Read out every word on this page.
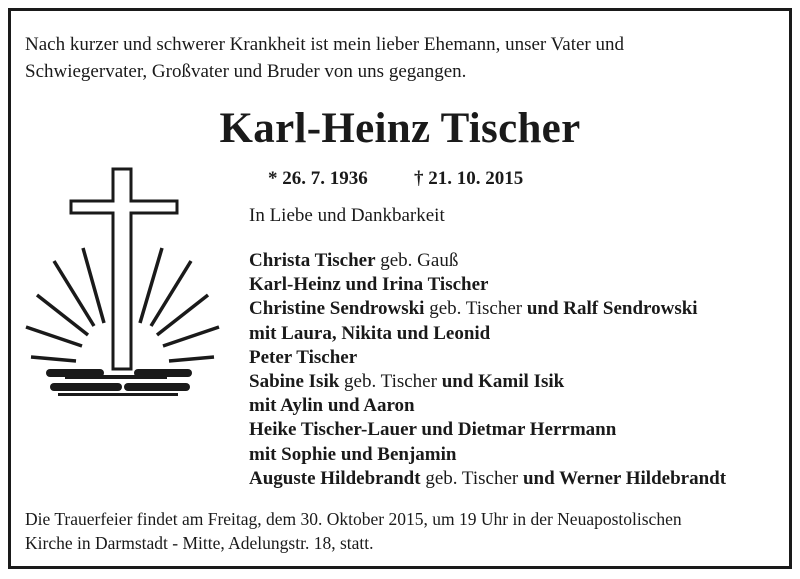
Nach kurzer und schwerer Krankheit ist mein lieber Ehemann, unser Vater und
Schwiegervater, Großvater und Bruder von uns gegangen.
Karl-Heinz Tischer
* 26. 7. 1936 † 21. 10. 2015
In Liebe und Dankbarkeit
Christa Tischer geb. Gauß
Karl-Heinz und Irina Tischer
Christine Sendrowski geb. Tischer und Ralf Sendrowski
mit Laura, Nikita und Leonid
Peter Tischer
Sabine Isik geb. Tischer und Kamil Isik
mit Aylin und Aaron
Heike Tischer-Lauer und Dietmar Herrmann
mit Sophie und Benjamin
Auguste Hildebrandt geb. Tischer und Werner Hildebrandt
Die Trauerfeier findet am Freitag, dem 30. Oktober 2015, um 19 Uhr in der Neuapostolischen
Kirche in Darmstadt - Mitte, Adelungstr. 18, statt.
